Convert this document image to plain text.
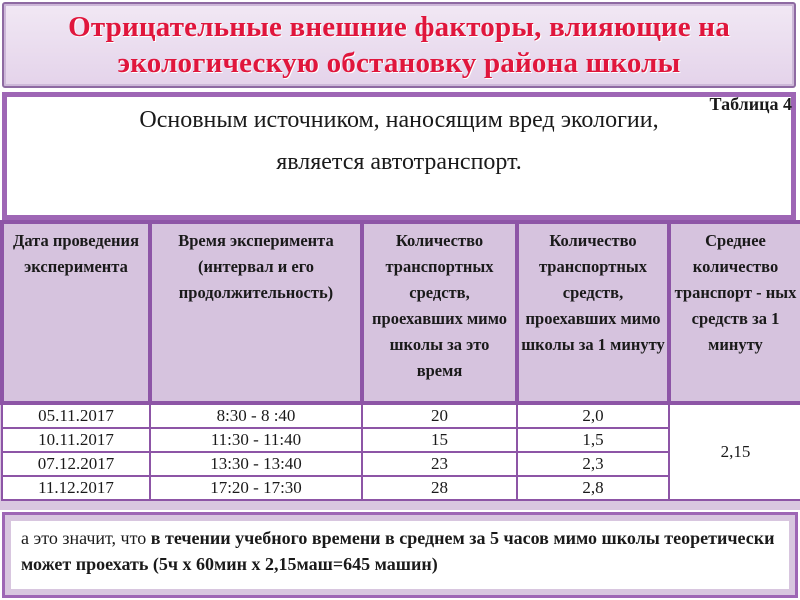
Отрицательные внешние факторы, влияющие на
экологическую обстановку района школы
Основным источником, наносящим вред экологии,
является автотранспорт.
Таблица 4
Дата проведения эксперимента	Время эксперимента (интервал и его продолжительность)	Количество транспортных средств, проехавших мимо школы за это время	Количество транспортных средств, проехавших мимо школы за 1 минуту	Среднее количество транспорт - ных средств за 1 минуту
05.11.2017	8:30 - 8 :40	20	2,0	2,15
10.11.2017	11:30 - 11:40	15	1,5	
07.12.2017	13:30 - 13:40	23	2,3	
11.12.2017	17:20 - 17:30	28	2,8	
а это значит, что в течении учебного времени в среднем за 5 часов мимо школы теоретически может проехать (5ч х 60мин х 2,15маш=645 машин)
